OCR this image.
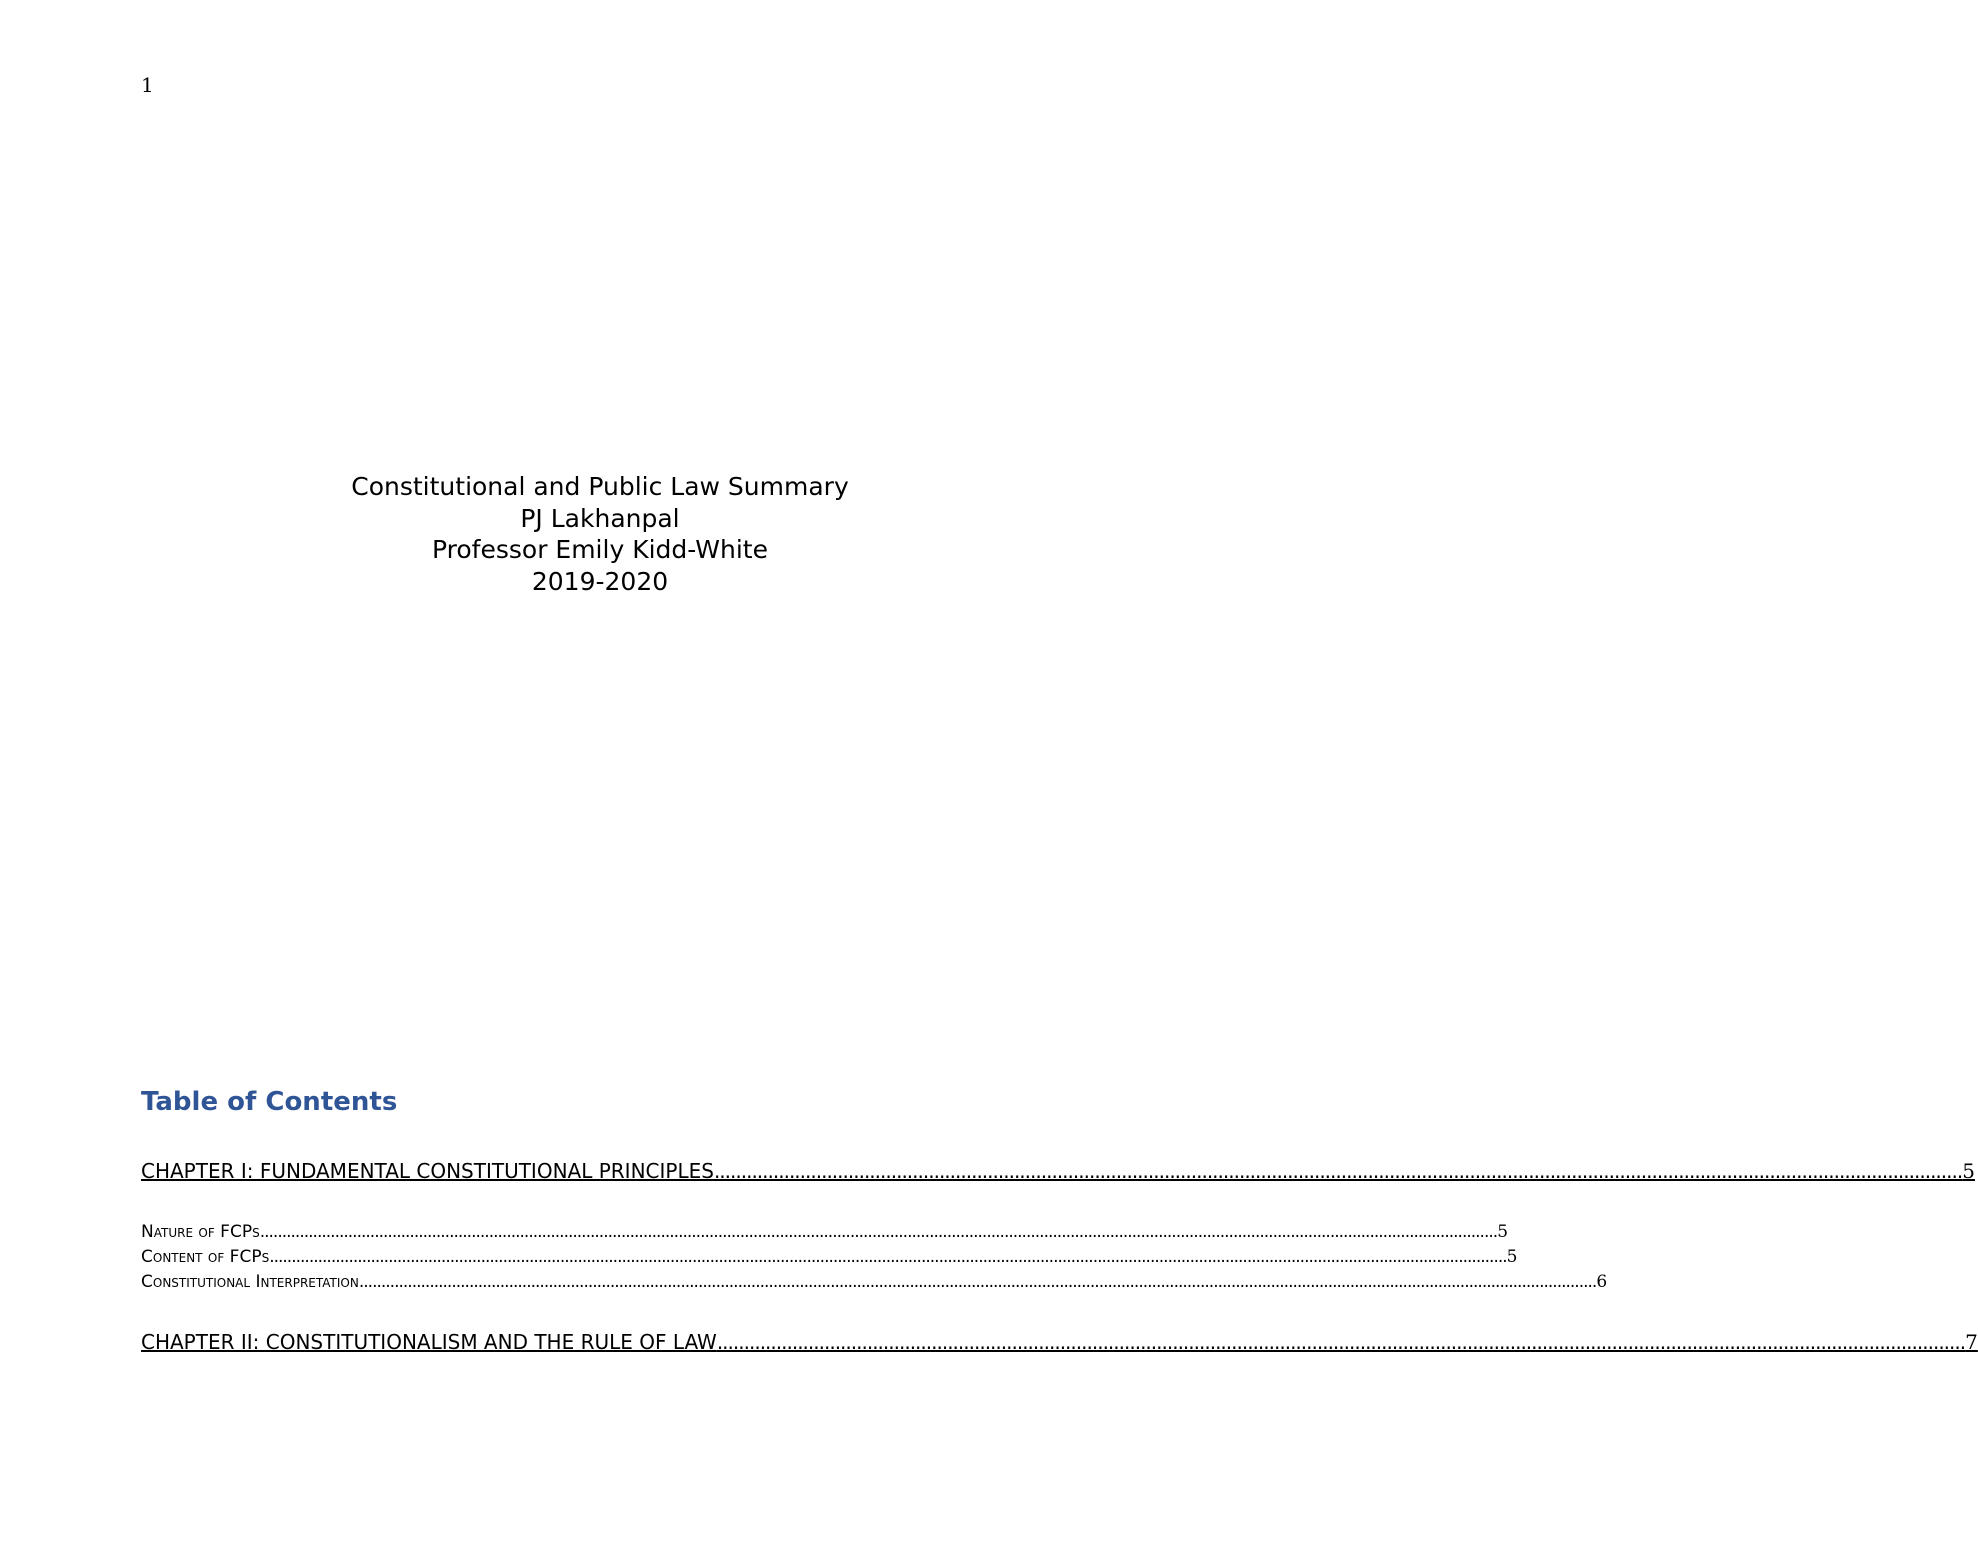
1
Constitutional and Public Law Summary
PJ Lakhanpal
Professor Emily Kidd-White
2019-2020
Table of Contents
CHAPTER I: FUNDAMENTAL CONSTITUTIONAL PRINCIPLES ......................................................................................................................................................................................................................................... 5
Nature of FCPs ......................................................................................................................................................................................................................................................................................... 5
Content of FCPs ......................................................................................................................................................................................................................................................................................... 5
Constitutional Interpretation ......................................................................................................................................................................................................................................................................................... 6
CHAPTER II: CONSTITUTIONALISM AND THE RULE OF LAW ......................................................................................................................................................................................................................................... 7
